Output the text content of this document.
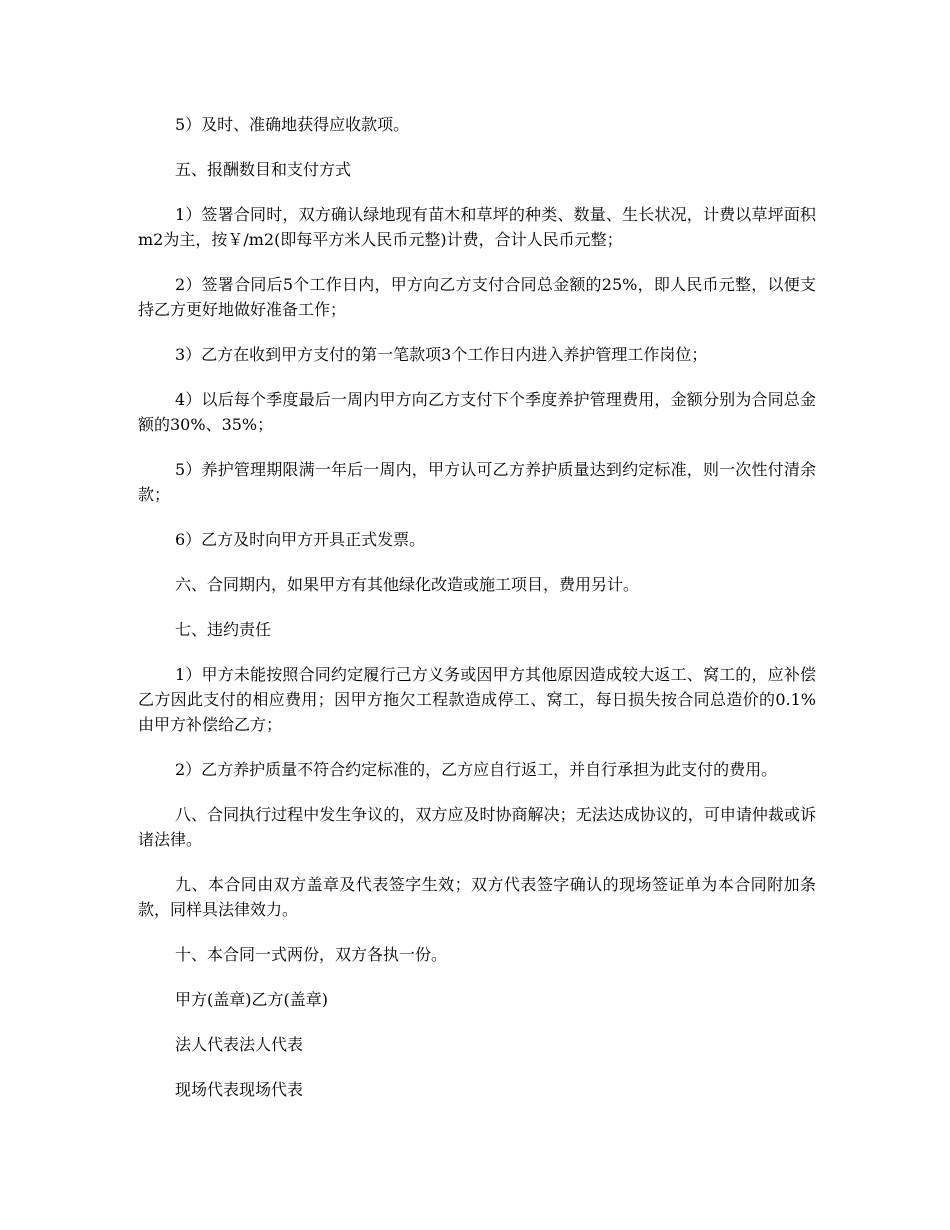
5）及时、准确地获得应收款项。

五、报酬数目和支付方式

1）签署合同时，双方确认绿地现有苗木和草坪的种类、数量、生长状况，计费以草坪面积m2为主，按￥/m2(即每平方米人民币元整)计费，合计人民币元整；

2）签署合同后5个工作日内，甲方向乙方支付合同总金额的25%，即人民币元整，以便支持乙方更好地做好准备工作；

3）乙方在收到甲方支付的第一笔款项3个工作日内进入养护管理工作岗位；

4）以后每个季度最后一周内甲方向乙方支付下个季度养护管理费用，金额分别为合同总金额的30%、35%；

5）养护管理期限满一年后一周内，甲方认可乙方养护质量达到约定标准，则一次性付清余款；

6）乙方及时向甲方开具正式发票。

六、合同期内，如果甲方有其他绿化改造或施工项目，费用另计。

七、违约责任

1）甲方未能按照合同约定履行己方义务或因甲方其他原因造成较大返工、窝工的，应补偿乙方因此支付的相应费用；因甲方拖欠工程款造成停工、窝工，每日损失按合同总造价的0.1%由甲方补偿给乙方；

2）乙方养护质量不符合约定标准的，乙方应自行返工，并自行承担为此支付的费用。

八、合同执行过程中发生争议的，双方应及时协商解决；无法达成协议的，可申请仲裁或诉诸法律。

九、本合同由双方盖章及代表签字生效；双方代表签字确认的现场签证单为本合同附加条款，同样具法律效力。

十、本合同一式两份，双方各执一份。

甲方(盖章)乙方(盖章)

法人代表法人代表

现场代表现场代表
